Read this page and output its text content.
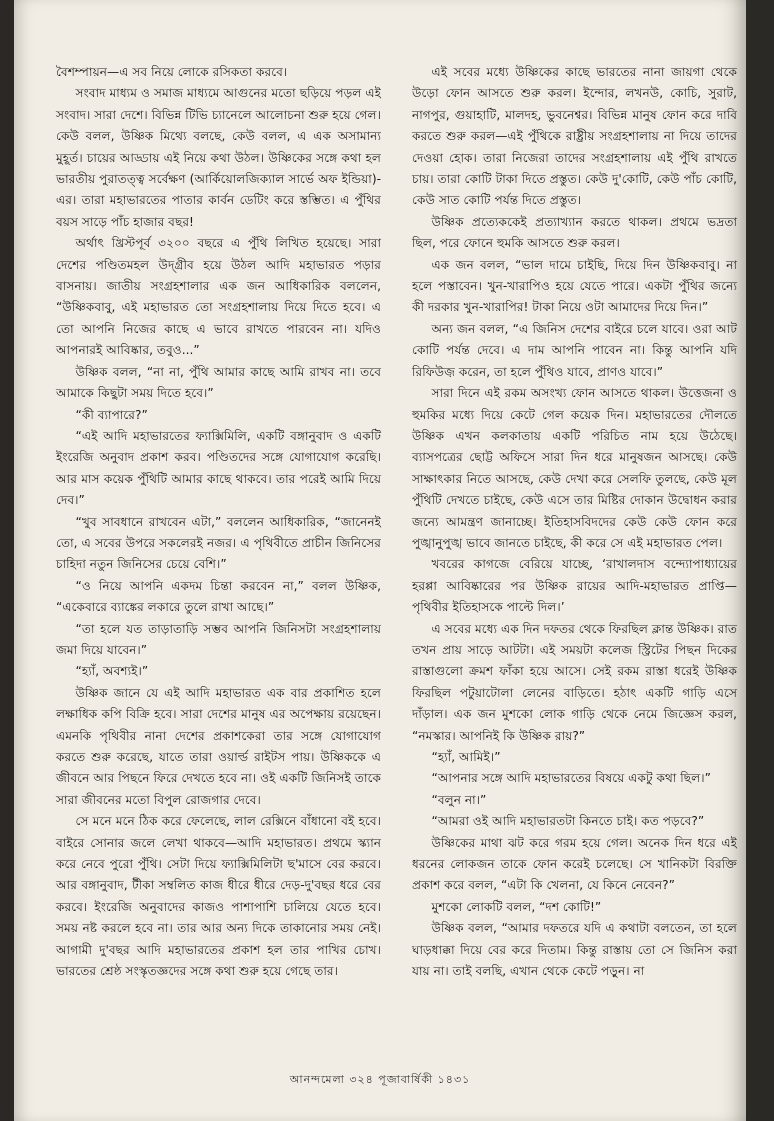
বৈশম্পায়ন—এ সব নিয়ে লোকে রসিকতা করবে।

সংবাদ মাধ্যম ও সমাজ মাধ্যমে আগুনের মতো ছড়িয়ে পড়ল এই সংবাদ। সারা দেশে। বিভিন্ন টিভি চ্যানেলে আলোচনা শুরু হয়ে গেল। কেউ বলল, উষ্ণিক মিথ্যে বলছে, কেউ বলল, এ এক অসামান্য মুহূর্ত। চায়ের আড্ডায় এই নিয়ে কথা উঠল। উষ্ণিকের সঙ্গে কথা হল ভারতীয় পুরাতত্ত্ব সর্বেক্ষণ (আর্কিয়োলজিক্যাল সার্ভে অফ ইন্ডিয়া)-এর। তারা মহাভারতের পাতার কার্বন ডেটিং করে স্তম্ভিত। এ পুঁথির বয়স সাড়ে পাঁচ হাজার বছর!

অর্থাৎ খ্রিস্টপূর্ব ৩২০০ বছরে এ পুঁথি লিখিত হয়েছে। সারা দেশের পণ্ডিতমহল উদ্গ্রীব হয়ে উঠল আদি মহাভারত পড়ার বাসনায়। জাতীয় সংগ্রহশালার এক জন আধিকারিক বললেন, “উষ্ণিকবাবু, এই মহাভারত তো সংগ্রহশালায় দিয়ে দিতে হবে। এ তো আপনি নিজের কাছে এ ভাবে রাখতে পারবেন না। যদিও আপনারই আবিষ্কার, তবুও...”

উষ্ণিক বলল, “না না, পুঁথি আমার কাছে আমি রাখব না। তবে আমাকে কিছুটা সময় দিতে হবে।”

“কী ব্যাপারে?”

“এই আদি মহাভারতের ফ্যাক্সিমিলি, একটি বঙ্গানুবাদ ও একটি ইংরেজি অনুবাদ প্রকাশ করব। পণ্ডিতদের সঙ্গে যোগাযোগ করেছি। আর মাস কয়েক পুঁথিটি আমার কাছে থাকবে। তার পরেই আমি দিয়ে দেব।”

“খুব সাবধানে রাখবেন এটা,” বললেন আধিকারিক, “জানেনই তো, এ সবের উপরে সকলেরই নজর। এ পৃথিবীতে প্রাচীন জিনিসের চাহিদা নতুন জিনিসের চেয়ে বেশি।”

“ও নিয়ে আপনি একদম চিন্তা করবেন না,” বলল উষ্ণিক, “একেবারে ব্যাঙ্কের লকারে তুলে রাখা আছে।”

“তা হলে যত তাড়াতাড়ি সম্ভব আপনি জিনিসটা সংগ্রহশালায় জমা দিয়ে যাবেন।”

“হ্যাঁ, অবশ্যই।”

উষ্ণিক জানে যে এই আদি মহাভারত এক বার প্রকাশিত হলে লক্ষাধিক কপি বিক্রি হবে। সারা দেশের মানুষ এর অপেক্ষায় রয়েছেন। এমনকি পৃথিবীর নানা দেশের প্রকাশকেরা তার সঙ্গে যোগাযোগ করতে শুরু করেছে, যাতে তারা ওয়ার্ল্ড রাইটস পায়। উষ্ণিককে এ জীবনে আর পিছনে ফিরে দেখতে হবে না। ওই একটি জিনিসই তাকে সারা জীবনের মতো বিপুল রোজগার দেবে।

সে মনে মনে ঠিক করে ফেলেছে, লাল রেক্সিনে বাঁধানো বই হবে। বাইরে সোনার জলে লেখা থাকবে—আদি মহাভারত। প্রথমে স্ক্যান করে নেবে পুরো পুঁথি। সেটা দিয়ে ফ্যাক্সিমিলিটা ছ'মাসে বের করবে। আর বঙ্গানুবাদ, টীকা সম্বলিত কাজ ধীরে ধীরে দেড়-দু'বছর ধরে বের করবে। ইংরেজি অনুবাদের কাজও পাশাপাশি চালিয়ে যেতে হবে। সময় নষ্ট করলে হবে না। তার আর অন্য দিকে তাকানোর সময় নেই। আগামী দু'বছর আদি মহাভারতের প্রকাশ হল তার পাখির চোখ। ভারতের শ্রেষ্ঠ সংস্কৃতজ্ঞদের সঙ্গে কথা শুরু হয়ে গেছে তার।

এই সবের মধ্যে উষ্ণিকের কাছে ভারতের নানা জায়গা থেকে উড়ো ফোন আসতে শুরু করল। ইন্দোর, লখনউ, কোচি, সুরাট, নাগপুর, গুয়াহাটি, মালদহ, ভুবনেশ্বর। বিভিন্ন মানুষ ফোন করে দাবি করতে শুরু করল—এই পুঁথিকে রাষ্ট্রীয় সংগ্রহশালায় না দিয়ে তাদের দেওয়া হোক। তারা নিজেরা তাদের সংগ্রহশালায় এই পুঁথি রাখতে চায়। তারা কোটি টাকা দিতে প্রস্তুত। কেউ দু'কোটি, কেউ পাঁচ কোটি, কেউ সাত কোটি পর্যন্ত দিতে প্রস্তুত।

উষ্ণিক প্রত্যেককেই প্রত্যাখ্যান করতে থাকল। প্রথমে ভদ্রতা ছিল, পরে ফোনে হুমকি আসতে শুরু করল।

এক জন বলল, “ভাল দামে চাইছি, দিয়ে দিন উষ্ণিকবাবু। না হলে পস্তাবেন। খুন-খারাপিও হয়ে যেতে পারে। একটা পুঁথির জন্যে কী দরকার খুন-খারাপির! টাকা নিয়ে ওটা আমাদের দিয়ে দিন।”

অন্য জন বলল, “এ জিনিস দেশের বাইরে চলে যাবে। ওরা আট কোটি পর্যন্ত দেবে। এ দাম আপনি পাবেন না। কিন্তু আপনি যদি রিফিউজ় করেন, তা হলে পুঁথিও যাবে, প্রাণও যাবে।”

সারা দিনে এই রকম অসংখ্য ফোন আসতে থাকল। উত্তেজনা ও হুমকির মধ্যে দিয়ে কেটে গেল কয়েক দিন। মহাভারতের দৌলতে উষ্ণিক এখন কলকাতায় একটি পরিচিত নাম হয়ে উঠেছে। ব্যাসপত্রের ছোট্ট অফিসে সারা দিন ধরে মানুষজন আসছে। কেউ সাক্ষাৎকার নিতে আসছে, কেউ দেখা করে সেলফি তুলছে, কেউ মূল পুঁথিটি দেখতে চাইছে, কেউ এসে তার মিষ্টির দোকান উদ্বোধন করার জন্যে আমন্ত্রণ জানাচ্ছে। ইতিহাসবিদদের কেউ কেউ ফোন করে পুঙ্খানুপুঙ্খ ভাবে জানতে চাইছে, কী করে সে এই মহাভারত পেল।

খবরের কাগজে বেরিয়ে যাচ্ছে, ‘রাখালদাস বন্দ্যোপাধ্যায়ের হরপ্পা আবিষ্কারের পর উষ্ণিক রায়ের আদি-মহাভারত প্রাপ্তি—পৃথিবীর ইতিহাসকে পাল্টে দিল।’

এ সবের মধ্যে এক দিন দফতর থেকে ফিরছিল ক্লান্ত উষ্ণিক। রাত তখন প্রায় সাড়ে আটটা। এই সময়টা কলেজ স্ট্রিটের পিছন দিকের রাস্তাগুলো ক্রমশ ফাঁকা হয়ে আসে। সেই রকম রাস্তা ধরেই উষ্ণিক ফিরছিল পটুয়াটোলা লেনের বাড়িতে। হঠাৎ একটি গাড়ি এসে দাঁড়াল। এক জন মুশকো লোক গাড়ি থেকে নেমে জিজ্ঞেস করল, “নমস্কার। আপনিই কি উষ্ণিক রায়?”

“হ্যাঁ, আমিই।”

“আপনার সঙ্গে আদি মহাভারতের বিষয়ে একটু কথা ছিল।”

“বলুন না।”

“আমরা ওই আদি মহাভারতটা কিনতে চাই। কত পড়বে?”

উষ্ণিকের মাথা ঝট করে গরম হয়ে গেল। অনেক দিন ধরে এই ধরনের লোকজন তাকে ফোন করেই চলেছে। সে খানিকটা বিরক্তি প্রকাশ করে বলল, “এটা কি খেলনা, যে কিনে নেবেন?”

মুশকো লোকটি বলল, “দশ কোটি!”

উষ্ণিক বলল, “আমার দফতরে যদি এ কথাটা বলতেন, তা হলে ঘাড়ধাক্কা দিয়ে বের করে দিতাম। কিন্তু রাস্তায় তো সে জিনিস করা যায় না। তাই বলছি, এখান থেকে কেটে পড়ুন। না

আনন্দমেলা ৩২৪ পূজাবার্ষিকী ১৪৩১
